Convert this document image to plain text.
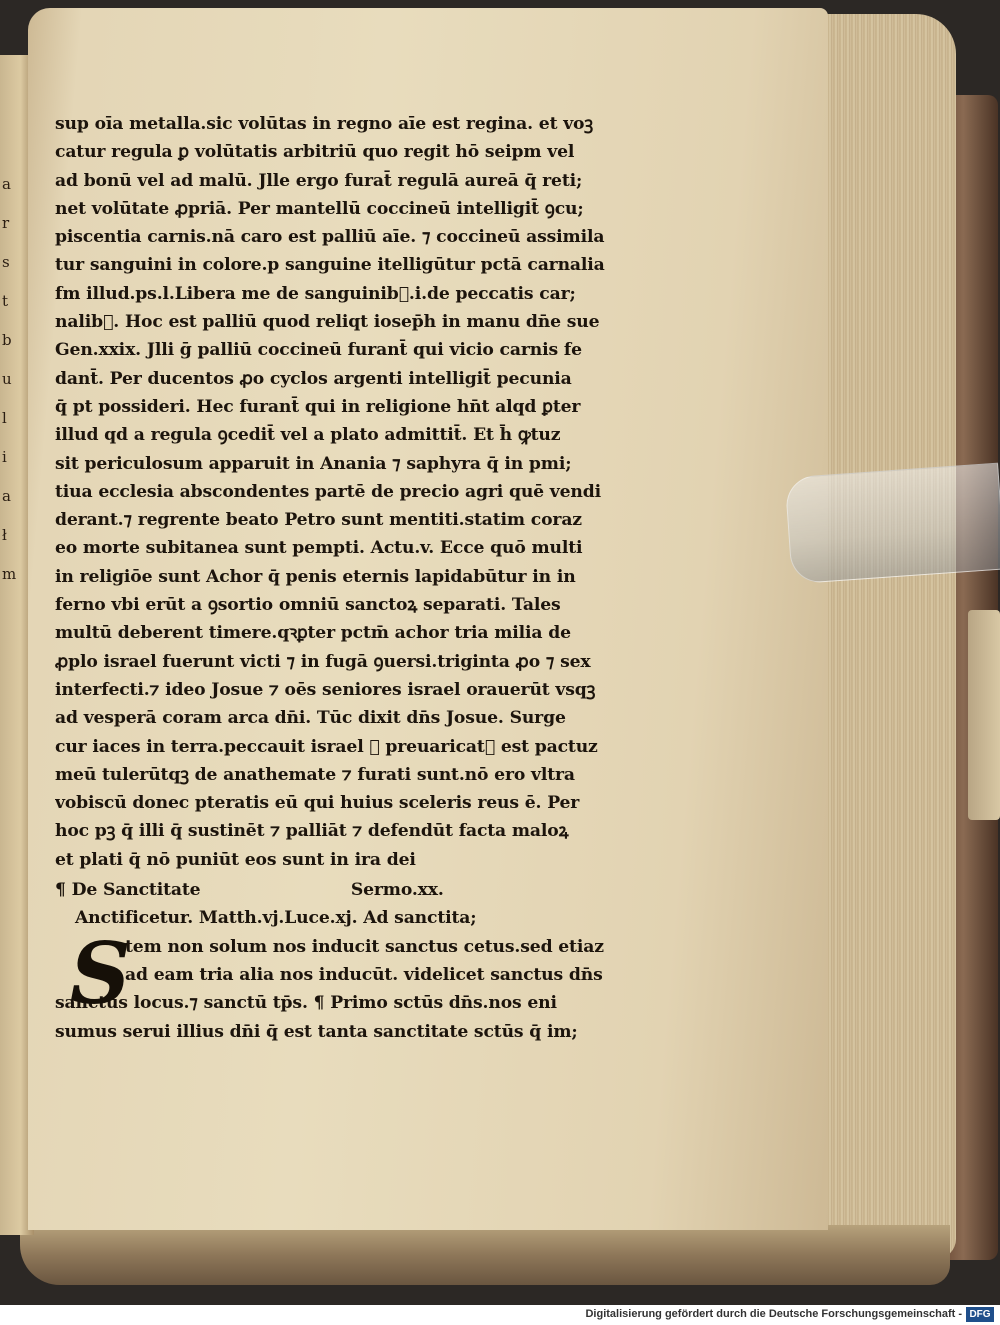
a
r
s
t
b
u
l
i
a
ł
m
sup oīa metalla.sic volūtas in regno aīe est regina. et voꝫ
catur regula ꝑ volūtatis arbitriū quo regit hō seipm vel
ad bonū vel ad malū. Jlle ergo furat̄ regulā aureā q̄ reti;
net volūtate ꝓpriā. Per mantellū coccineū intelligit̄ ꝯcu;
piscentia carnis.nā caro est palliū aīe. ⁊ coccineū assimila
tur sanguini in colore.p sanguine itelligūtur pctā carnalia
fm illud.ps.l.Libera me de sanguinib᷑.i.de peccatis car;
nalib᷑. Hoc est palliū quod reliqt iosep̄h in manu dn̄e sue
Gen.xxix. Jlli ḡ palliū coccineū furant̄ qui vicio carnis fe
dant̄. Per ducentos ꝓo cyclos argenti intelligit̄ pecunia
q̄ pt possideri. Hec furant̄ qui in religione hn̄t alqd ꝑter
illud qd a regula ꝯcedit̄ vel a plato admittit̄. Et h̄ ꝙtuz
sit periculosum apparuit in Anania ⁊ saphyra q̄ in pmi;
tiua ecclesia abscondentes partē de precio agri quē vendi
derant.⁊ regrente beato Petro sunt mentiti.statim coraz
eo morte subitanea sunt pempti. Actu.v. Ecce quō multi
in religiōe sunt Achor q̄ penis eternis lapidabūtur in in
ferno vbi erūt a ꝯsortio omniū sanctoꝝ separati. Tales
multū deberent timere.qꝛꝑter pctm̄ achor tria milia de
ꝓplo israel fuerunt victi ⁊ in fugā ꝯuersi.triginta ꝓo ⁊ sex
interfecti.⁊ ideo Josue ⁊ oēs seniores israel orauerūt vsqꝫ
ad vesperā coram arca dn̄i. Tūc dixit dn̄s Josue. Surge
cur iaces in terra.peccauit israel ⁊ preuaricat᷑ est pactuz
meū tulerūtqꝫ de anathemate ⁊ furati sunt.nō ero vltra
vobiscū donec pteratis eū qui huius sceleris reus ē. Per
hoc pꝫ q̄ illi q̄ sustinēt ⁊ palliāt ⁊ defendūt facta maloꝝ
et plati q̄ nō puniūt eos sunt in ira dei
¶ De Sanctitate	Sermo.xx.
S
Anctificetur. Matth.vj.Luce.xj. Ad sanctita;
tem non solum nos inducit sanctus cetus.sed etiaz
ad eam tria alia nos inducūt. videlicet sanctus dn̄s
sanctus locus.⁊ sanctū tp̄s. ¶ Primo sctūs dn̄s.nos eni
sumus serui illius dn̄i q̄ est tanta sanctitate sctūs q̄ im;
Digitalisierung gefördert durch die Deutsche Forschungsgemeinschaft - DFG
